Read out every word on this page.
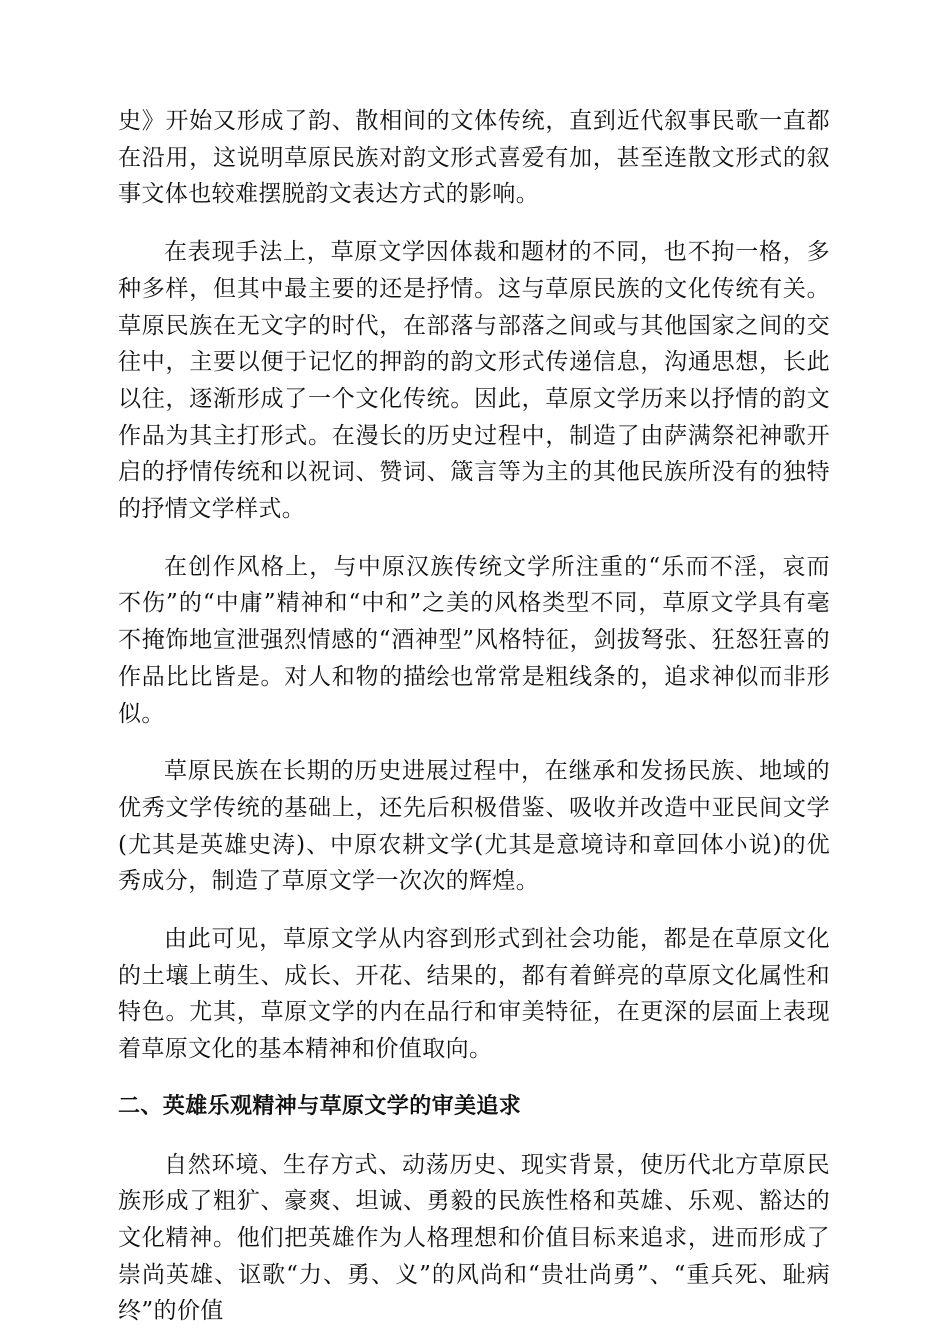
史》开始又形成了韵、散相间的文体传统，直到近代叙事民歌一直都在沿用，这说明草原民族对韵文形式喜爱有加，甚至连散文形式的叙事文体也较难摆脱韵文表达方式的影响。

在表现手法上，草原文学因体裁和题材的不同，也不拘一格，多种多样，但其中最主要的还是抒情。这与草原民族的文化传统有关。草原民族在无文字的时代，在部落与部落之间或与其他国家之间的交往中，主要以便于记忆的押韵的韵文形式传递信息，沟通思想，长此以往，逐渐形成了一个文化传统。因此，草原文学历来以抒情的韵文作品为其主打形式。在漫长的历史过程中，制造了由萨满祭祀神歌开启的抒情传统和以祝词、赞词、箴言等为主的其他民族所没有的独特的抒情文学样式。

在创作风格上，与中原汉族传统文学所注重的“乐而不淫，哀而不伤”的“中庸”精神和“中和”之美的风格类型不同，草原文学具有毫不掩饰地宣泄强烈情感的“酒神型”风格特征，剑拔弩张、狂怒狂喜的作品比比皆是。对人和物的描绘也常常是粗线条的，追求神似而非形似。

草原民族在长期的历史进展过程中，在继承和发扬民族、地域的优秀文学传统的基础上，还先后积极借鉴、吸收并改造中亚民间文学(尤其是英雄史涛)、中原农耕文学(尤其是意境诗和章回体小说)的优秀成分，制造了草原文学一次次的辉煌。

由此可见，草原文学从内容到形式到社会功能，都是在草原文化的土壤上萌生、成长、开花、结果的，都有着鲜亮的草原文化属性和特色。尤其，草原文学的内在品行和审美特征，在更深的层面上表现着草原文化的基本精神和价值取向。

二、英雄乐观精神与草原文学的审美追求

自然环境、生存方式、动荡历史、现实背景，使历代北方草原民族形成了粗犷、豪爽、坦诚、勇毅的民族性格和英雄、乐观、豁达的文化精神。他们把英雄作为人格理想和价值目标来追求，进而形成了崇尚英雄、讴歌“力、勇、义”的风尚和“贵壮尚勇”、“重兵死、耻病终”的价值
